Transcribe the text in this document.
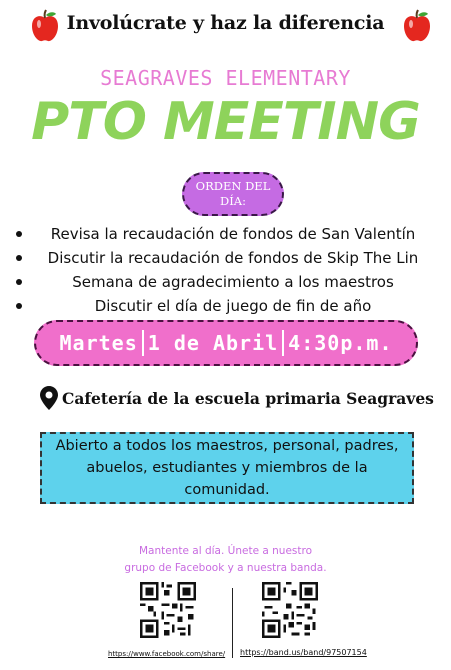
Involúcrate y haz la diferencia
SEAGRAVES ELEMENTARY
PTO MEETING
ORDEN DEL
DÍA:
Revisa la recaudación de fondos de San Valentín
Discutir la recaudación de fondos de Skip The Lin
Semana de agradecimiento a los maestros
Discutir el día de juego de fin de año
Martes 1 de Abril 4:30p.m.
Cafetería de la escuela primaria Seagraves
Abierto a todos los maestros, personal, padres,
abuelos, estudiantes y miembros de la comunidad.
Mantente al día. Únete a nuestro
grupo de Facebook y a nuestra banda.
https://www.facebook.com/share/ https://band.us/band/97507154
